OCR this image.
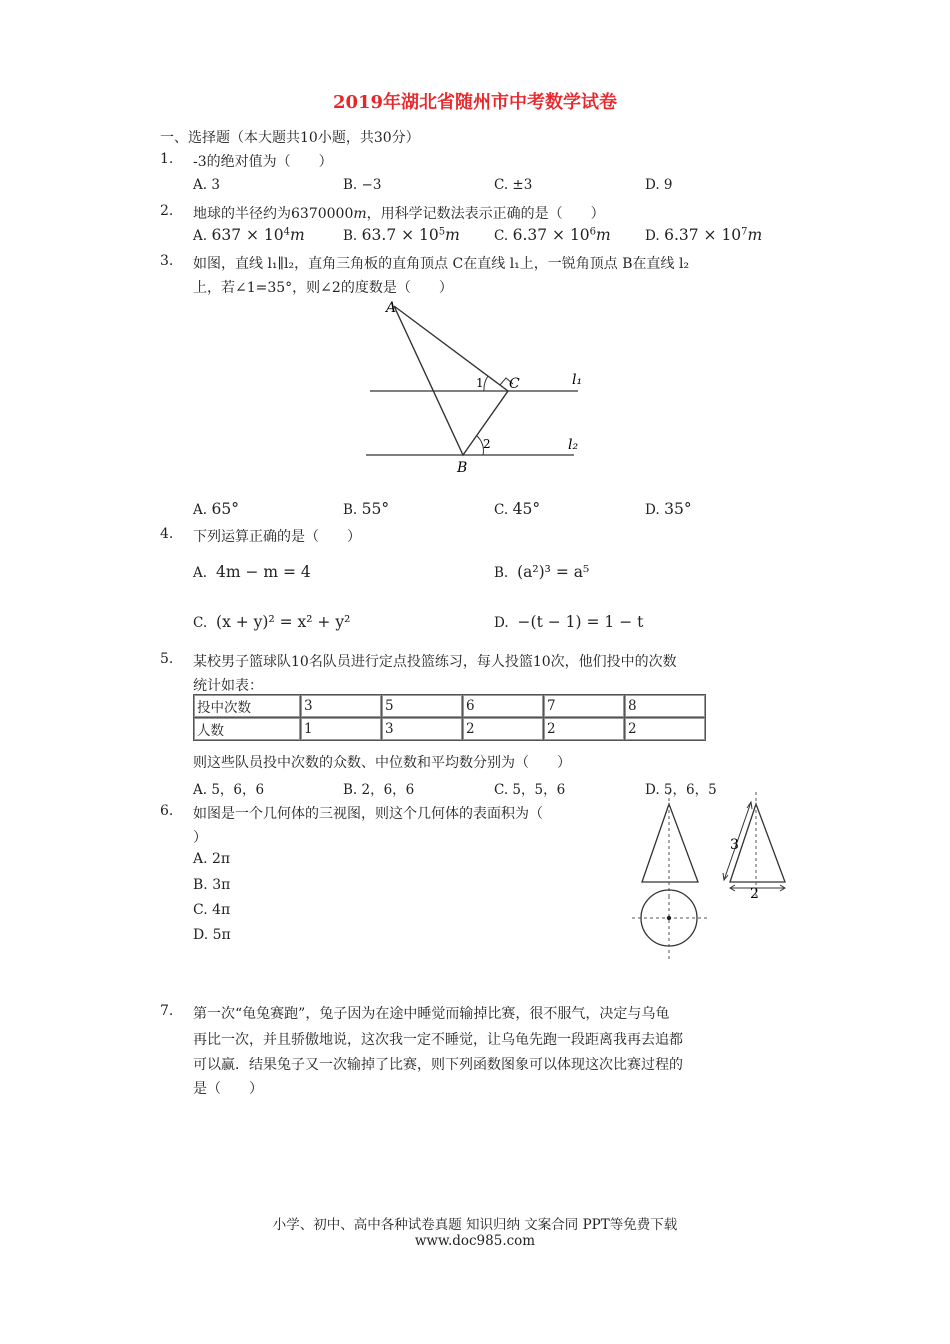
2019年湖北省随州市中考数学试卷
一、选择题（本大题共10小题，共30分）
1. -3的绝对值为（　　）
A. 3	B. −3	C. ±3	D. 9
2. 地球的半径约为6370000m，用科学记数法表示正确的是（　　）
A. $637 \times 10^4m$	B. $63.7 \times 10^5m$	C. $6.37 \times 10^6m$	D. $6.37 \times 10^7m$
3. 如图，直线 l₁∥l₂，直角三角板的直角顶点 C在直线 l₁上，一锐角顶点 B在直线 l₂
上，若∠1=35°，则∠2的度数是（　　）
A
B
C
1
2
l₁
l₂
A. 65°	B. 55°	C. 45°	D. 35°
4. 下列运算正确的是（　　）
A. 4m − m = 4	B. (a²)³ = a⁵
C. (x + y)² = x² + y²	D. −(t − 1) = 1 − t
5. 某校男子篮球队10名队员进行定点投篮练习，每人投篮10次，他们投中的次数
统计如表：
投中次数	3	5	6	7	8
人数	1	3	2	2	2
则这些队员投中次数的众数、中位数和平均数分别为（　　）
A. 5，6，6	B. 2，6，6	C. 5，5，6	D. 5，6，5
6. 如图是一个几何体的三视图，则这个几何体的表面积为（
）
A. 2π
B. 3π
C. 4π
D. 5π
3
2
7. 第一次“龟兔赛跑”，兔子因为在途中睡觉而输掉比赛，很不服气，决定与乌龟
再比一次，并且骄傲地说，这次我一定不睡觉，让乌龟先跑一段距离我再去追都
可以赢．结果兔子又一次输掉了比赛，则下列函数图象可以体现这次比赛过程的
是（　　）
小学、初中、高中各种试卷真题 知识归纳 文案合同 PPT等免费下载
www.doc985.com
